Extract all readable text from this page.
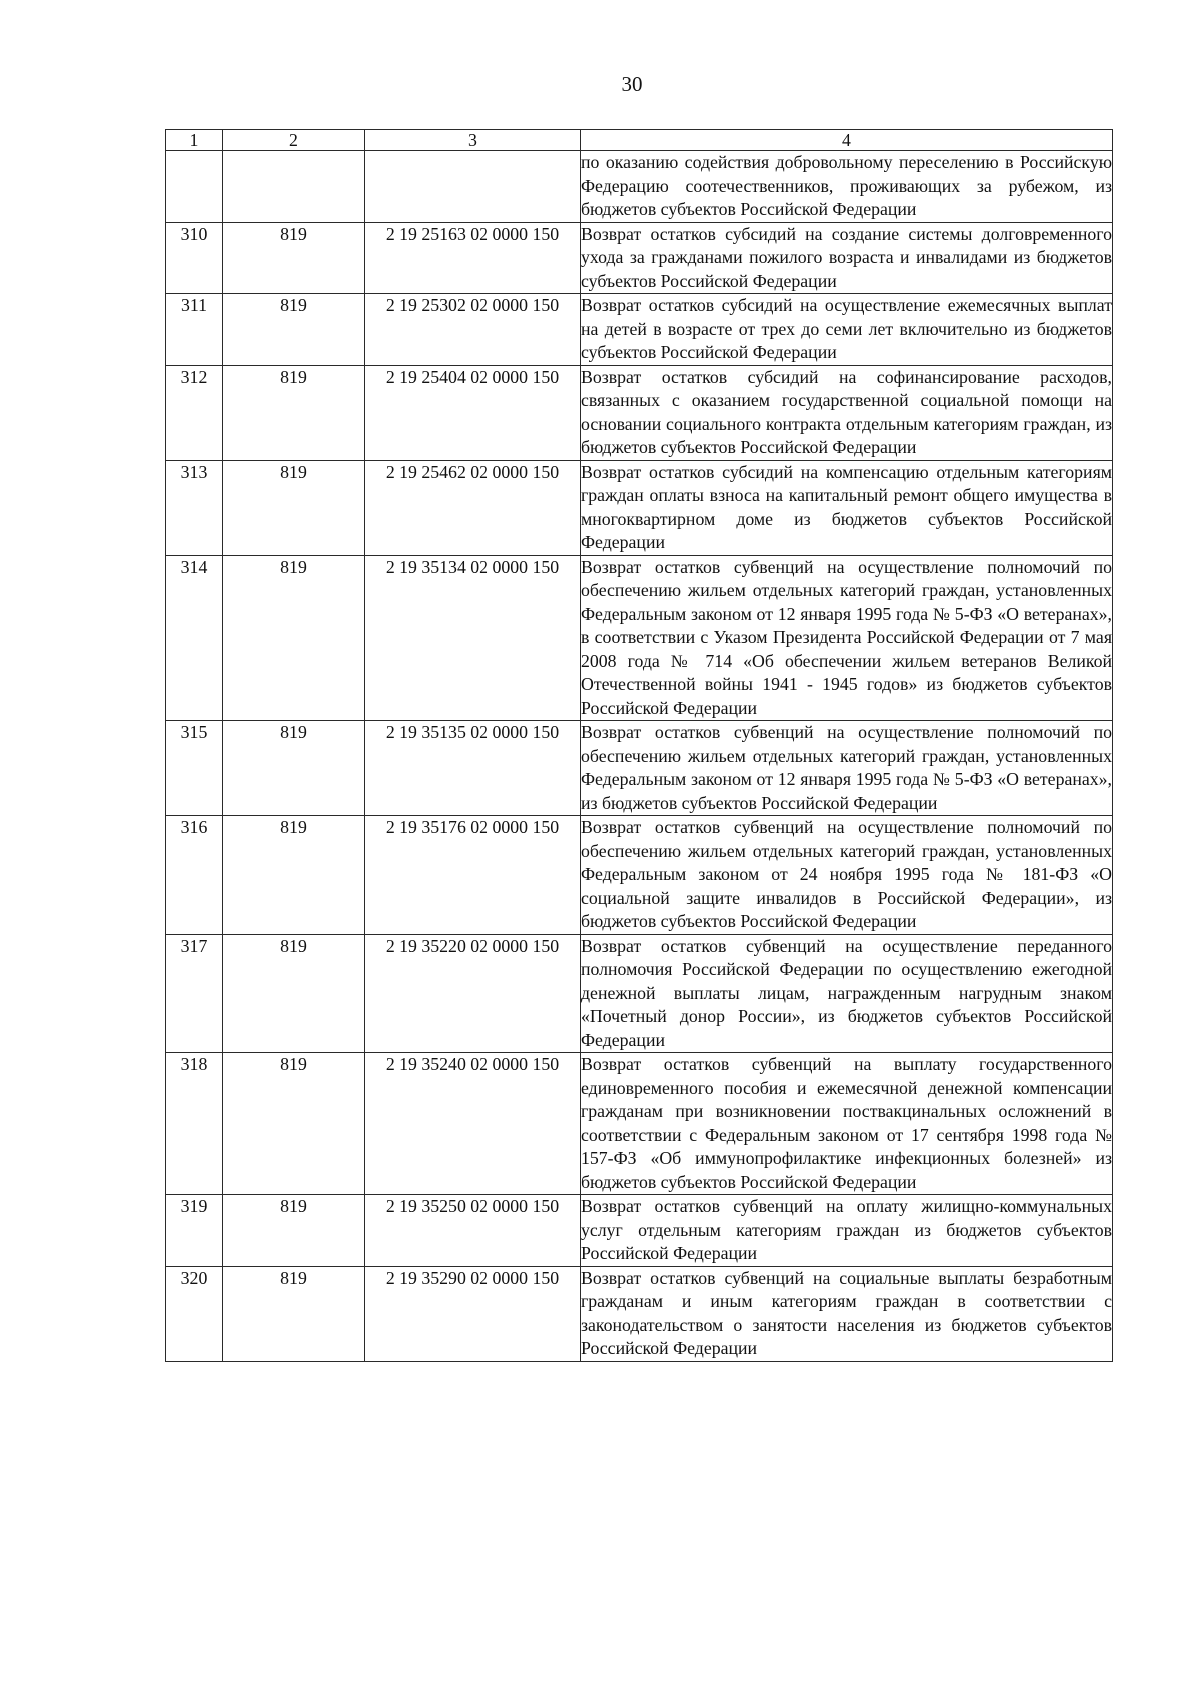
30
1	2	3	4
			по оказанию содействия добровольному переселению в Российскую Федерацию соотечественников, проживающих за рубежом, из бюджетов субъектов Российской Федерации
310	819	2 19 25163 02 0000 150	Возврат остатков субсидий на создание системы долговременного ухода за гражданами пожилого возраста и инвалидами из бюджетов субъектов Российской Федерации
311	819	2 19 25302 02 0000 150	Возврат остатков субсидий на осуществление ежемесячных выплат на детей в возрасте от трех до семи лет включительно из бюджетов субъектов Российской Федерации
312	819	2 19 25404 02 0000 150	Возврат остатков субсидий на софинансирование расходов, связанных с оказанием государственной социальной помощи на основании социального контракта отдельным категориям граждан, из бюджетов субъектов Российской Федерации
313	819	2 19 25462 02 0000 150	Возврат остатков субсидий на компенсацию отдельным категориям граждан оплаты взноса на капитальный ремонт общего имущества в многоквартирном доме из бюджетов субъектов Российской Федерации
314	819	2 19 35134 02 0000 150	Возврат остатков субвенций на осуществление полномочий по обеспечению жильем отдельных категорий граждан, установленных Федеральным законом от 12 января 1995 года № 5-ФЗ «О ветеранах», в соответствии с Указом Президента Российской Федерации от 7 мая 2008 года № 714 «Об обеспечении жильем ветеранов Великой Отечественной войны 1941 - 1945 годов» из бюджетов субъектов Российской Федерации
315	819	2 19 35135 02 0000 150	Возврат остатков субвенций на осуществление полномочий по обеспечению жильем отдельных категорий граждан, установленных Федеральным законом от 12 января 1995 года № 5-ФЗ «О ветеранах», из бюджетов субъектов Российской Федерации
316	819	2 19 35176 02 0000 150	Возврат остатков субвенций на осуществление полномочий по обеспечению жильем отдельных категорий граждан, установленных Федеральным законом от 24 ноября 1995 года № 181-ФЗ «О социальной защите инвалидов в Российской Федерации», из бюджетов субъектов Российской Федерации
317	819	2 19 35220 02 0000 150	Возврат остатков субвенций на осуществление переданного полномочия Российской Федерации по осуществлению ежегодной денежной выплаты лицам, награжденным нагрудным знаком «Почетный донор России», из бюджетов субъектов Российской Федерации
318	819	2 19 35240 02 0000 150	Возврат остатков субвенций на выплату государственного единовременного пособия и ежемесячной денежной компенсации гражданам при возникновении поствакцинальных осложнений в соответствии с Федеральным законом от 17 сентября 1998 года № 157-ФЗ «Об иммунопрофилактике инфекционных болезней» из бюджетов субъектов Российской Федерации
319	819	2 19 35250 02 0000 150	Возврат остатков субвенций на оплату жилищно-коммунальных услуг отдельным категориям граждан из бюджетов субъектов Российской Федерации
320	819	2 19 35290 02 0000 150	Возврат остатков субвенций на социальные выплаты безработным гражданам и иным категориям граждан в соответствии с законодательством о занятости населения из бюджетов субъектов Российской Федерации
